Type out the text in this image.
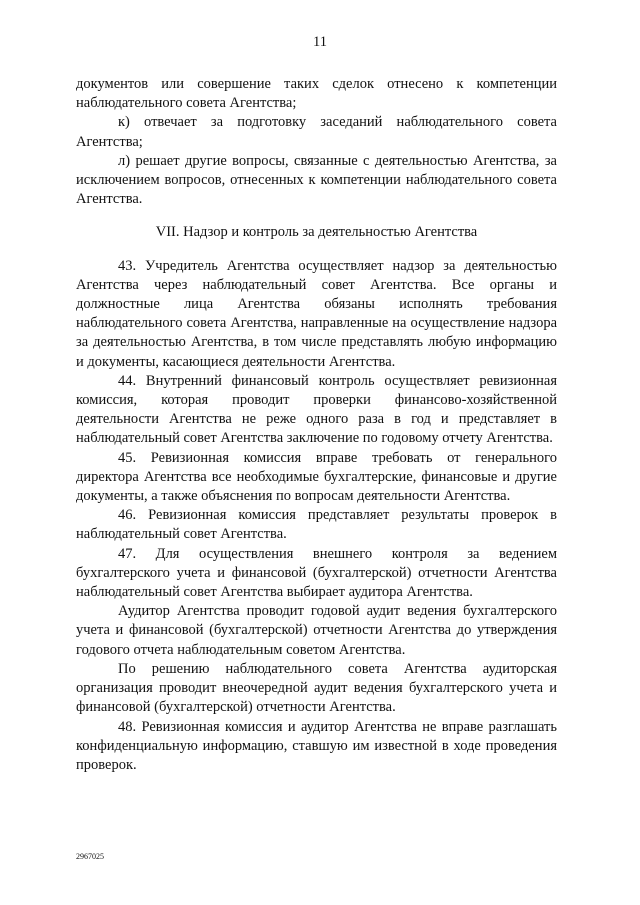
11

документов или совершение таких сделок отнесено к компетенции наблюдательного совета Агентства;

к) отвечает за подготовку заседаний наблюдательного совета Агентства;

л) решает другие вопросы, связанные с деятельностью Агентства, за исключением вопросов, отнесенных к компетенции наблюдательного совета Агентства.

VII. Надзор и контроль за деятельностью Агентства

43. Учредитель Агентства осуществляет надзор за деятельностью Агентства через наблюдательный совет Агентства. Все органы и должностные лица Агентства обязаны исполнять требования наблюдательного совета Агентства, направленные на осуществление надзора за деятельностью Агентства, в том числе представлять любую информацию и документы, касающиеся деятельности Агентства.

44. Внутренний финансовый контроль осуществляет ревизионная комиссия, которая проводит проверки финансово-хозяйственной деятельности Агентства не реже одного раза в год и представляет в наблюдательный совет Агентства заключение по годовому отчету Агентства.

45. Ревизионная комиссия вправе требовать от генерального директора Агентства все необходимые бухгалтерские, финансовые и другие документы, а также объяснения по вопросам деятельности Агентства.

46. Ревизионная комиссия представляет результаты проверок в наблюдательный совет Агентства.

47. Для осуществления внешнего контроля за ведением бухгалтерского учета и финансовой (бухгалтерской) отчетности Агентства наблюдательный совет Агентства выбирает аудитора Агентства.

Аудитор Агентства проводит годовой аудит ведения бухгалтерского учета и финансовой (бухгалтерской) отчетности Агентства до утверждения годового отчета наблюдательным советом Агентства.

По решению наблюдательного совета Агентства аудиторская организация проводит внеочередной аудит ведения бухгалтерского учета и финансовой (бухгалтерской) отчетности Агентства.

48. Ревизионная комиссия и аудитор Агентства не вправе разглашать конфиденциальную информацию, ставшую им известной в ходе проведения проверок.

2967025
